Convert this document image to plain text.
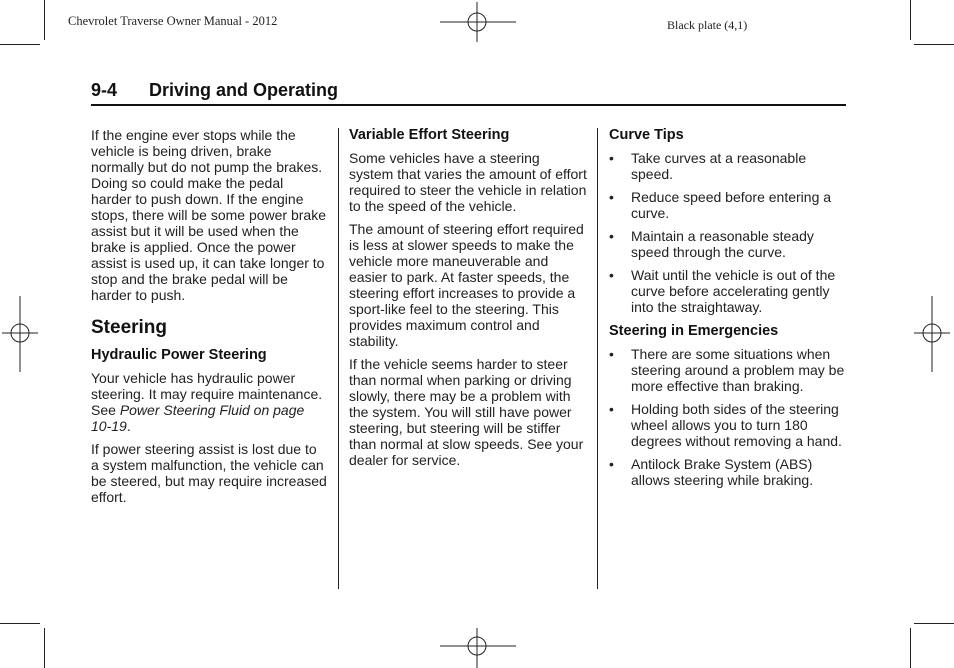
Chevrolet Traverse Owner Manual - 2012	Black plate (4,1)
9-4 Driving and Operating

If the engine ever stops while the vehicle is being driven, brake normally but do not pump the brakes. Doing so could make the pedal harder to push down. If the engine stops, there will be some power brake assist but it will be used when the brake is applied. Once the power assist is used up, it can take longer to stop and the brake pedal will be harder to push.

Steering
Hydraulic Power Steering

Your vehicle has hydraulic power steering. It may require maintenance. See Power Steering Fluid on page 10-19.

If power steering assist is lost due to a system malfunction, the vehicle can be steered, but may require increased effort.

Variable Effort Steering

Some vehicles have a steering system that varies the amount of effort required to steer the vehicle in relation to the speed of the vehicle.

The amount of steering effort required is less at slower speeds to make the vehicle more maneuverable and easier to park. At faster speeds, the steering effort increases to provide a sport-like feel to the steering. This provides maximum control and stability.

If the vehicle seems harder to steer than normal when parking or driving slowly, there may be a problem with the system. You will still have power steering, but steering will be stiffer than normal at slow speeds. See your dealer for service.

Curve Tips
• Take curves at a reasonable speed.
• Reduce speed before entering a curve.
• Maintain a reasonable steady speed through the curve.
• Wait until the vehicle is out of the curve before accelerating gently into the straightaway.
Steering in Emergencies
• There are some situations when steering around a problem may be more effective than braking.
• Holding both sides of the steering wheel allows you to turn 180 degrees without removing a hand.
• Antilock Brake System (ABS) allows steering while braking.
